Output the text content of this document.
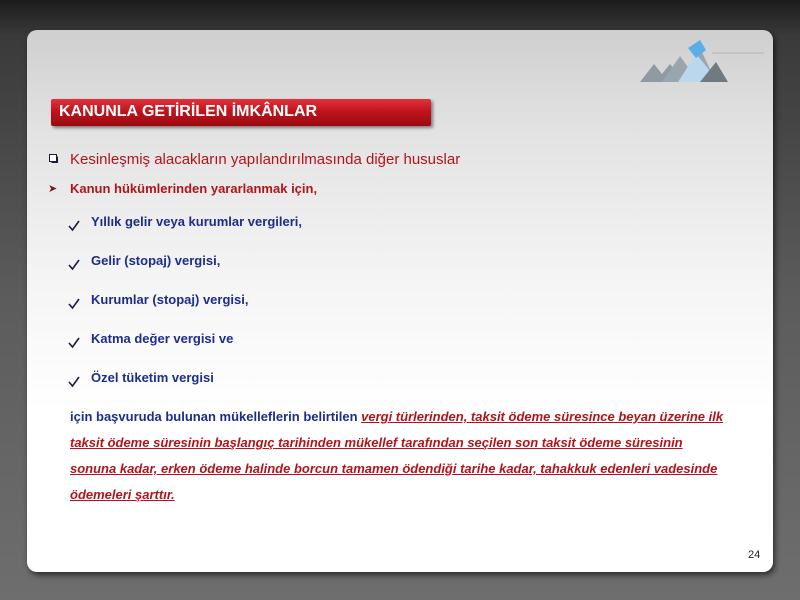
KANUNLA GETİRİLEN İMKÂNLAR
Kesinleşmiş alacakların yapılandırılmasında diğer hususlar
➤ Kanun hükümlerinden yararlanmak için,
Yıllık gelir veya kurumlar vergileri,
Gelir (stopaj) vergisi,
Kurumlar (stopaj) vergisi,
Katma değer vergisi ve
Özel tüketim vergisi
için başvuruda bulunan mükelleflerin belirtilen vergi türlerinden, taksit ödeme süresince beyan üzerine ilk taksit ödeme süresinin başlangıç tarihinden mükellef tarafından seçilen son taksit ödeme süresinin sonuna kadar, erken ödeme halinde borcun tamamen ödendiği tarihe kadar, tahakkuk edenleri vadesinde ödemeleri şarttır.
24
